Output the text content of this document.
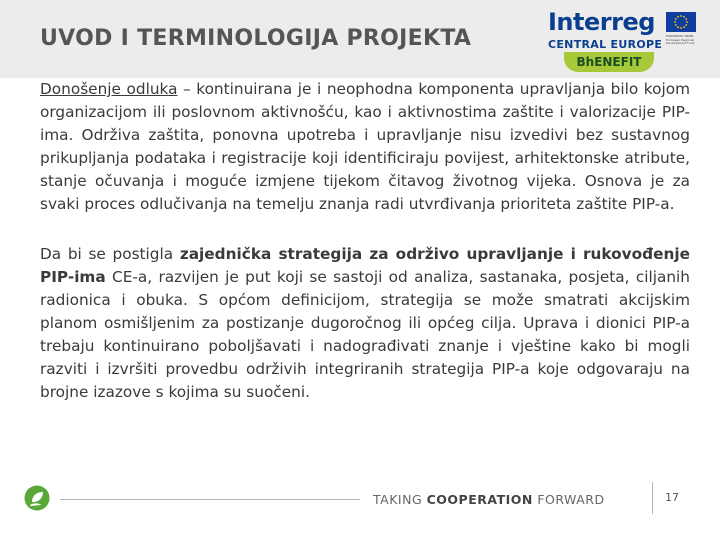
UVOD I TERMINOLOGIJA PROJEKTA
Interreg	EUROPEAN UNION European Regional Development Fund
CENTRAL EUROPE
BhENEFIT

Donošenje odluka – kontinuirana je i neophodna komponenta upravljanja bilo kojom organizacijom ili poslovnom aktivnošću, kao i aktivnostima zaštite i valorizacije PIP-ima. Održiva zaštita, ponovna upotreba i upravljanje nisu izvedivi bez sustavnog prikupljanja podataka i registracije koji identificiraju povijest, arhitektonske atribute, stanje očuvanja i moguće izmjene tijekom čitavog životnog vijeka. Osnova je za svaki proces odlučivanja na temelju znanja radi utvrđivanja prioriteta zaštite PIP-a.

Da bi se postigla zajednička strategija za održivo upravljanje i rukovođenje PIP-ima CE-a, razvijen je put koji se sastoji od analiza, sastanaka, posjeta, ciljanih radionica i obuka. S općom definicijom, strategija se može smatrati akcijskim planom osmišljenim za postizanje dugoročnog ili općeg cilja. Uprava i dionici PIP-a trebaju kontinuirano poboljšavati i nadograđivati znanje i vještine kako bi mogli razviti i izvršiti provedbu održivih integriranih strategija PIP-a koje odgovaraju na brojne izazove s kojima su suočeni.

TAKING COOPERATION FORWARD	17
